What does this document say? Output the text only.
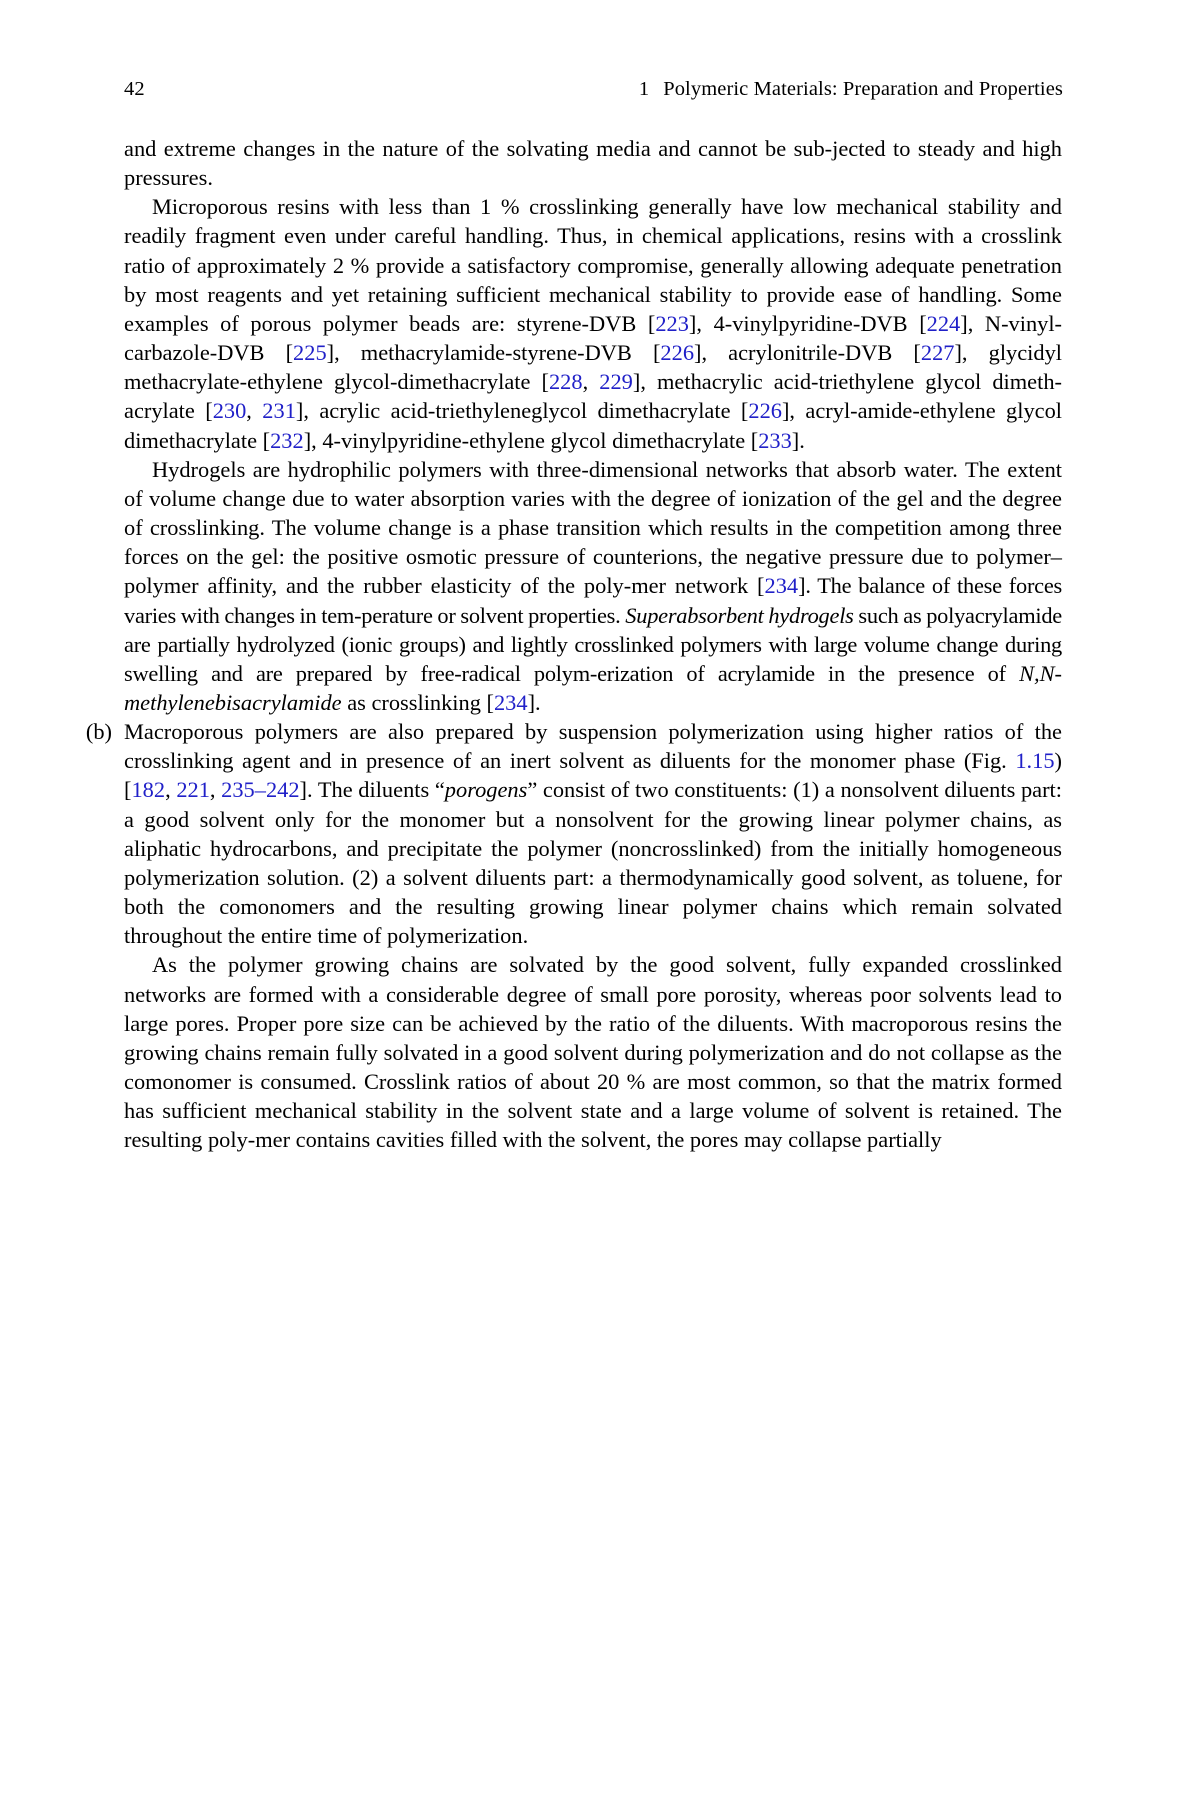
42	1 Polymeric Materials: Preparation and Properties

and extreme changes in the nature of the solvating media and cannot be sub-jected to steady and high pressures.

Microporous resins with less than 1 % crosslinking generally have low mechanical stability and readily fragment even under careful handling. Thus, in chemical applications, resins with a crosslink ratio of approximately 2 % provide a satisfactory compromise, generally allowing adequate penetration by most reagents and yet retaining sufficient mechanical stability to provide ease of handling. Some examples of porous polymer beads are: styrene-DVB [223], 4-vinylpyridine-DVB [224], N-vinyl-carbazole-DVB [225], methacrylamide-styrene-DVB [226], acrylonitrile-DVB [227], glycidyl methacrylate-ethylene glycol-dimethacrylate [228, 229], methacrylic acid-triethylene glycol dimeth-acrylate [230, 231], acrylic acid-triethyleneglycol dimethacrylate [226], acryl-amide-ethylene glycol dimethacrylate [232], 4-vinylpyridine-ethylene glycol dimethacrylate [233].

Hydrogels are hydrophilic polymers with three-dimensional networks that absorb water. The extent of volume change due to water absorption varies with the degree of ionization of the gel and the degree of crosslinking. The volume change is a phase transition which results in the competition among three forces on the gel: the positive osmotic pressure of counterions, the negative pressure due to polymer–polymer affinity, and the rubber elasticity of the poly-mer network [234]. The balance of these forces varies with changes in tem-perature or solvent properties. Superabsorbent hydrogels such as polyacrylamide are partially hydrolyzed (ionic groups) and lightly crosslinked polymers with large volume change during swelling and are prepared by free-radical polym-erization of acrylamide in the presence of N,N-methylenebisacrylamide as crosslinking [234].

(b) Macroporous polymers are also prepared by suspension polymerization using higher ratios of the crosslinking agent and in presence of an inert solvent as diluents for the monomer phase (Fig. 1.15) [182, 221, 235–242]. The diluents “porogens” consist of two constituents: (1) a nonsolvent diluents part: a good solvent only for the monomer but a nonsolvent for the growing linear polymer chains, as aliphatic hydrocarbons, and precipitate the polymer (noncrosslinked) from the initially homogeneous polymerization solution. (2) a solvent diluents part: a thermodynamically good solvent, as toluene, for both the comonomers and the resulting growing linear polymer chains which remain solvated throughout the entire time of polymerization.

As the polymer growing chains are solvated by the good solvent, fully expanded crosslinked networks are formed with a considerable degree of small pore porosity, whereas poor solvents lead to large pores. Proper pore size can be achieved by the ratio of the diluents. With macroporous resins the growing chains remain fully solvated in a good solvent during polymerization and do not collapse as the comonomer is consumed. Crosslink ratios of about 20 % are most common, so that the matrix formed has sufficient mechanical stability in the solvent state and a large volume of solvent is retained. The resulting poly-mer contains cavities filled with the solvent, the pores may collapse partially
